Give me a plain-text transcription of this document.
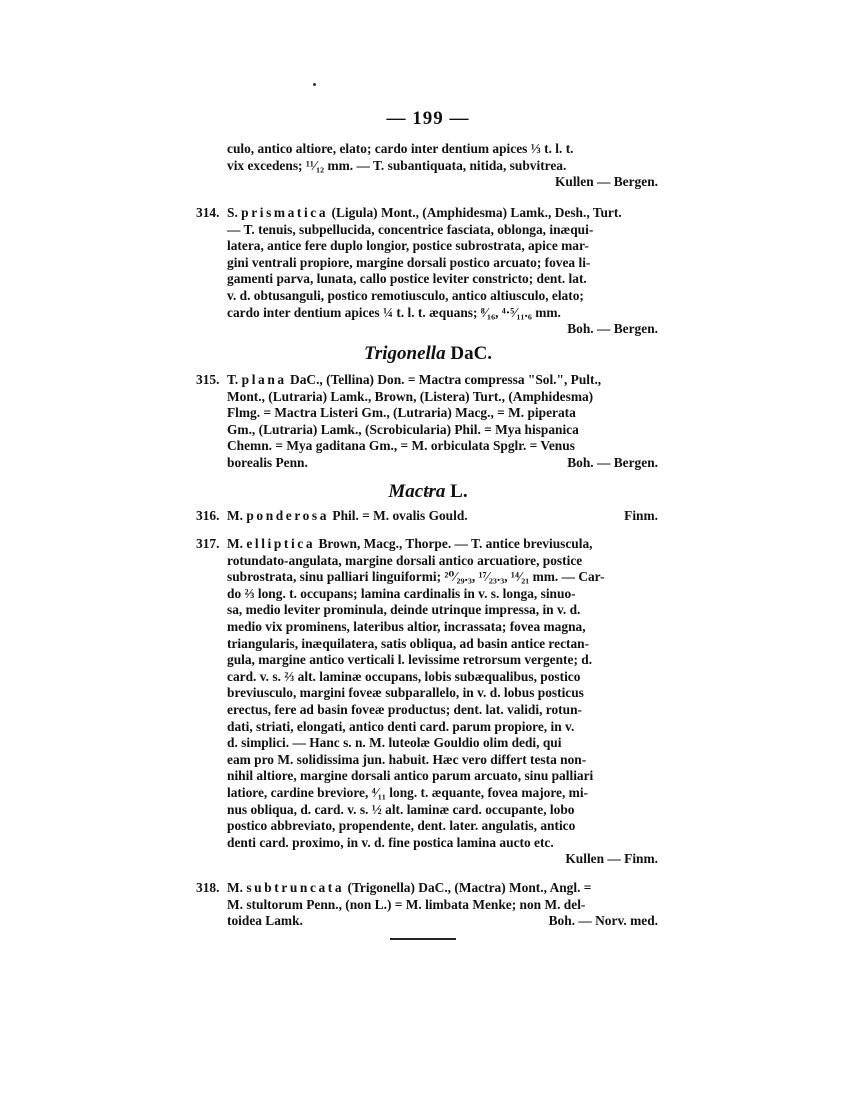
— 199 —
culo, antico altiore, elato; cardo inter dentium apices ⅓ t. l. t.
vix excedens; ¹¹⁄₁₂ mm. — T. subantiquata, nitida, subvitrea.
Kullen — Bergen.
314. S. prismatica (Ligula) Mont., (Amphidesma) Lamk., Desh., Turt.
— T. tenuis, subpellucida, concentrice fasciata, oblonga, inæqui-
latera, antice fere duplo longior, postice subrostrata, apice mar-
gini ventrali propiore, margine dorsali postico arcuato; fovea li-
gamenti parva, lunata, callo postice leviter constricto; dent. lat.
v. d. obtusanguli, postico remotiusculo, antico altiusculo, elato;
cardo inter dentium apices ¼ t. l. t. æquans; ⁸⁄₁₆, ⁴·⁵⁄₁₁.₆ mm.
Boh. — Bergen.
Trigonella DaC.
315. T. plana DaC., (Tellina) Don. = Mactra compressa "Sol.", Pult.,
Mont., (Lutraria) Lamk., Brown, (Listera) Turt., (Amphidesma)
Flmg. = Mactra Listeri Gm., (Lutraria) Macg., = M. piperata
Gm., (Lutraria) Lamk., (Scrobicularia) Phil. = Mya hispanica
Chemn. = Mya gaditana Gm., = M. orbiculata Spglr. = Venus
borealis Penn.	Boh. — Bergen.
Mactra L.
316. M. ponderosa Phil. = M. ovalis Gould.	Finm.
317. M. elliptica Brown, Macg., Thorpe. — T. antice breviuscula,
rotundato-angulata, margine dorsali antico arcuatiore, postice
subrostrata, sinu palliari linguiformi; ²⁰⁄₂₉.₃, ¹⁷⁄₂₃.₃, ¹⁴⁄₂₁ mm. — Car-
do ⅔ long. t. occupans; lamina cardinalis in v. s. longa, sinuo-
sa, medio leviter prominula, deinde utrinque impressa, in v. d.
medio vix prominens, lateribus altior, incrassata; fovea magna,
triangularis, inæquilatera, satis obliqua, ad basin antice rectan-
gula, margine antico verticali l. levissime retrorsum vergente; d.
card. v. s. ⅔ alt. laminæ occupans, lobis subæqualibus, postico
breviusculo, margini foveæ subparallelo, in v. d. lobus posticus
erectus, fere ad basin foveæ productus; dent. lat. validi, rotun-
dati, striati, elongati, antico denti card. parum propiore, in v.
d. simplici. — Hanc s. n. M. luteolæ Gouldio olim dedi, qui
eam pro M. solidissima jun. habuit. Hæc vero differt testa non-
nihil altiore, margine dorsali antico parum arcuato, sinu palliari
latiore, cardine breviore, ⁴⁄₁₁ long. t. æquante, fovea majore, mi-
nus obliqua, d. card. v. s. ½ alt. laminæ card. occupante, lobo
postico abbreviato, propendente, dent. later. angulatis, antico
denti card. proximo, in v. d. fine postica lamina aucto etc.
Kullen — Finm.
318. M. subtruncata (Trigonella) DaC., (Mactra) Mont., Angl. =
M. stultorum Penn., (non L.) = M. limbata Menke; non M. del-
toidea Lamk.	Boh. — Norv. med.
